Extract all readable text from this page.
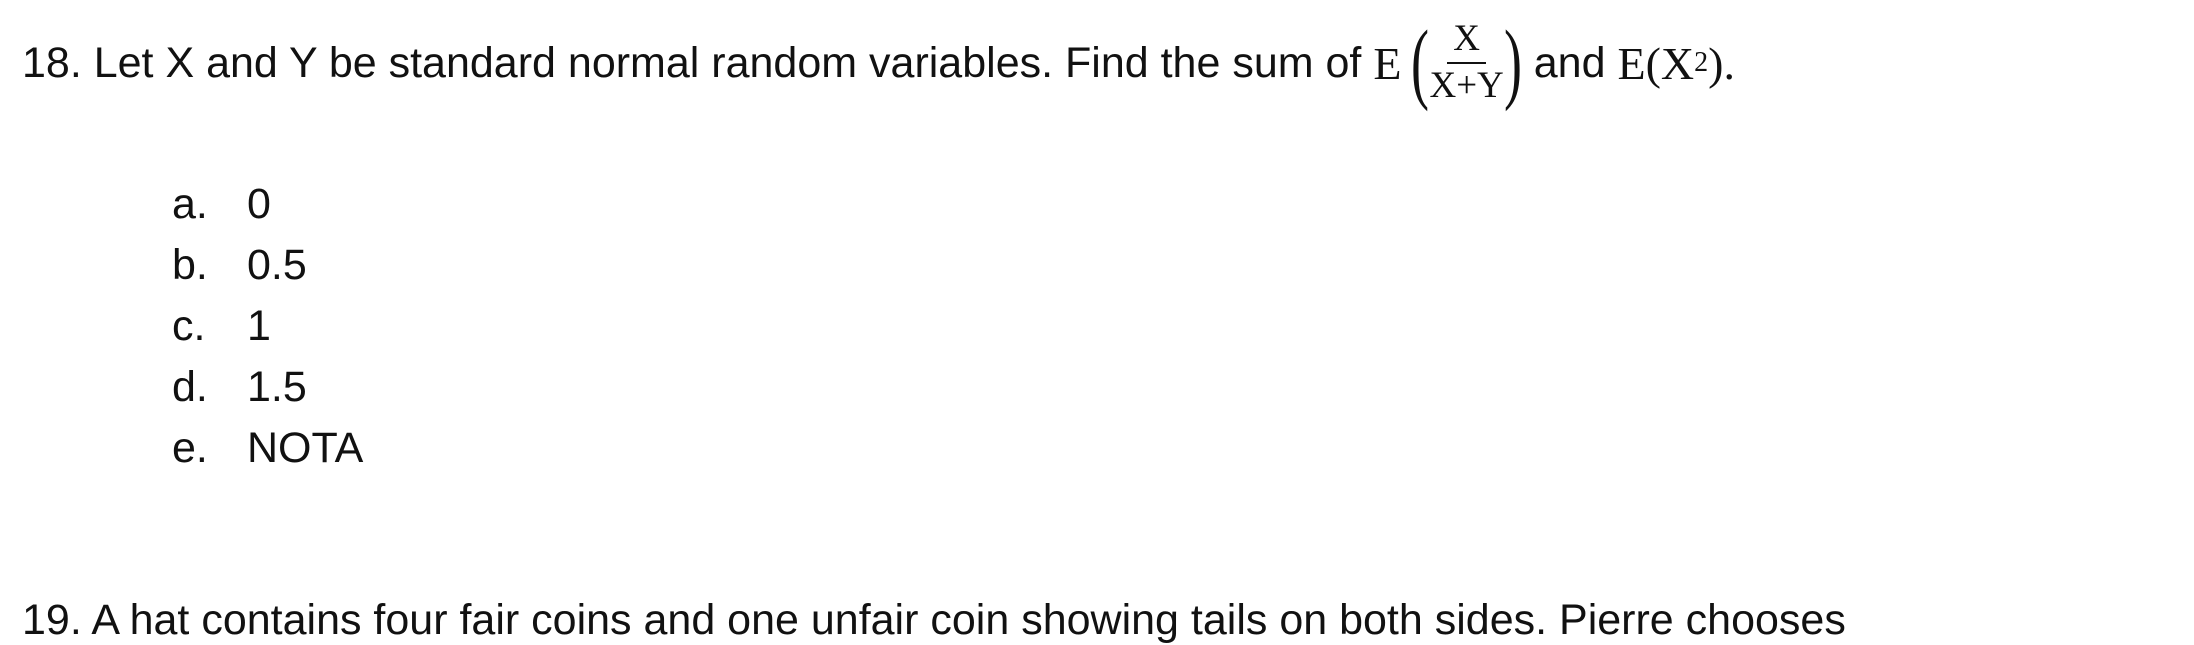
18. Let X and Y be standard normal random variables. Find the sum of E ( $\frac{X}{X+Y}$ ) and E(X 2 ).
a. 0
b. 0.5
c. 1
d. 1.5
e. NOTA
19. A hat contains four fair coins and one unfair coin showing tails on both sides. Pierre chooses
